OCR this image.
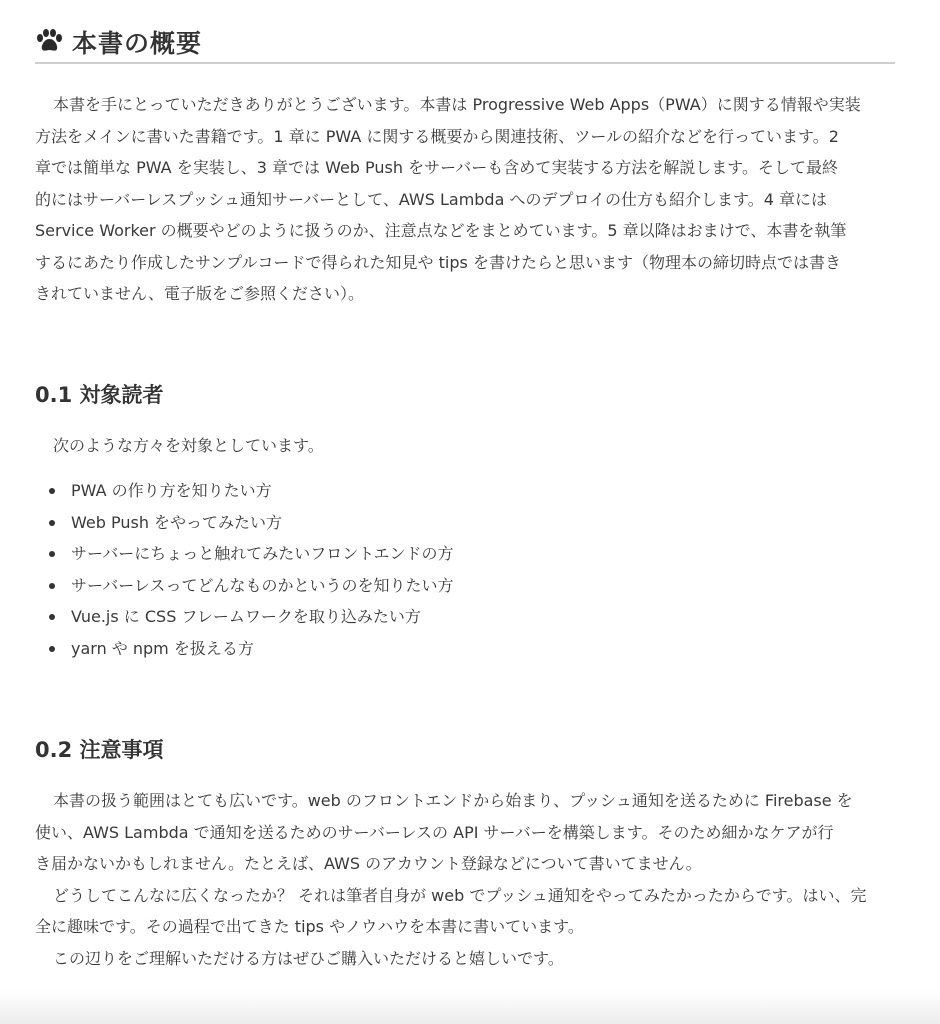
本書の概要
本書を手にとっていただきありがとうございます。本書は Progressive Web Apps（PWA）に関する情報や実装
方法をメインに書いた書籍です。1 章に PWA に関する概要から関連技術、ツールの紹介などを行っています。2
章では簡単な PWA を実装し、3 章では Web Push をサーバーも含めて実装する方法を解説します。そして最終
的にはサーバーレスプッシュ通知サーバーとして、AWS Lambda へのデプロイの仕方も紹介します。4 章には
Service Worker の概要やどのように扱うのか、注意点などをまとめています。5 章以降はおまけで、本書を執筆
するにあたり作成したサンプルコードで得られた知見や tips を書けたらと思います（物理本の締切時点では書き
きれていません、電子版をご参照ください）。
0.1 対象読者
次のような方々を対象としています。
PWA の作り方を知りたい方
Web Push をやってみたい方
サーバーにちょっと触れてみたいフロントエンドの方
サーバーレスってどんなものかというのを知りたい方
Vue.js に CSS フレームワークを取り込みたい方
yarn や npm を扱える方
0.2 注意事項
本書の扱う範囲はとても広いです。web のフロントエンドから始まり、プッシュ通知を送るために Firebase を
使い、AWS Lambda で通知を送るためのサーバーレスの API サーバーを構築します。そのため細かなケアが行
き届かないかもしれません。たとえば、AWS のアカウント登録などについて書いてません。
どうしてこんなに広くなったか？ それは筆者自身が web でプッシュ通知をやってみたかったからです。はい、完
全に趣味です。その過程で出てきた tips やノウハウを本書に書いています。
この辺りをご理解いただける方はぜひご購入いただけると嬉しいです。
